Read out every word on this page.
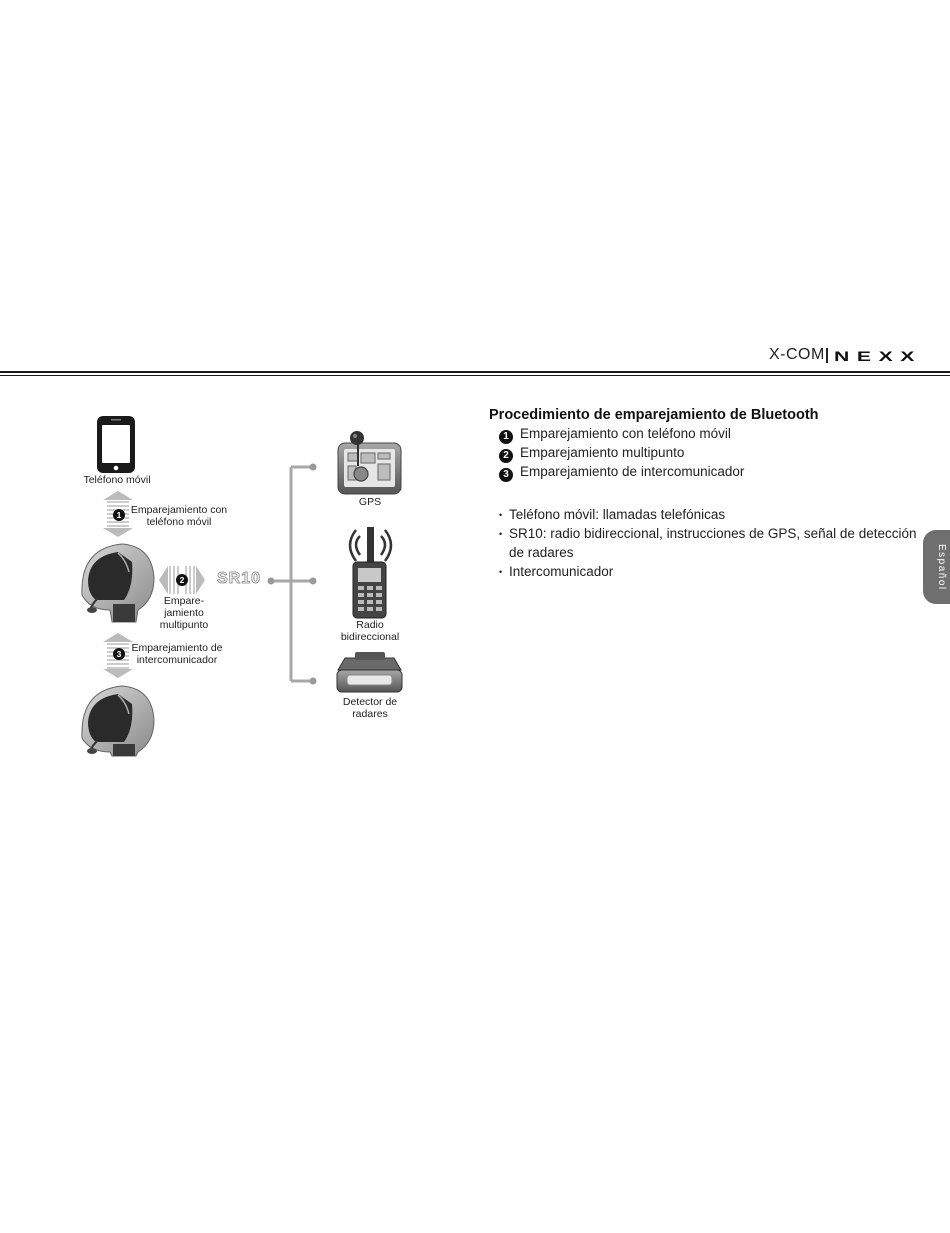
X-COM NEXX
Español
Procedimiento de emparejamiento de Bluetooth
1 Emparejamiento con teléfono móvil
2 Emparejamiento multipunto
3 Emparejamiento de intercomunicador
• Teléfono móvil: llamadas telefónicas
• SR10: radio bidireccional, instrucciones de GPS, señal de detección de radares
• Intercomunicador
Teléfono móvil
1 Emparejamiento con
teléfono móvil
2 SR10
Empare-
jamiento
multipunto
3 Emparejamiento de
intercomunicador
GPS
Radio
bidireccional
Detector de
radares
